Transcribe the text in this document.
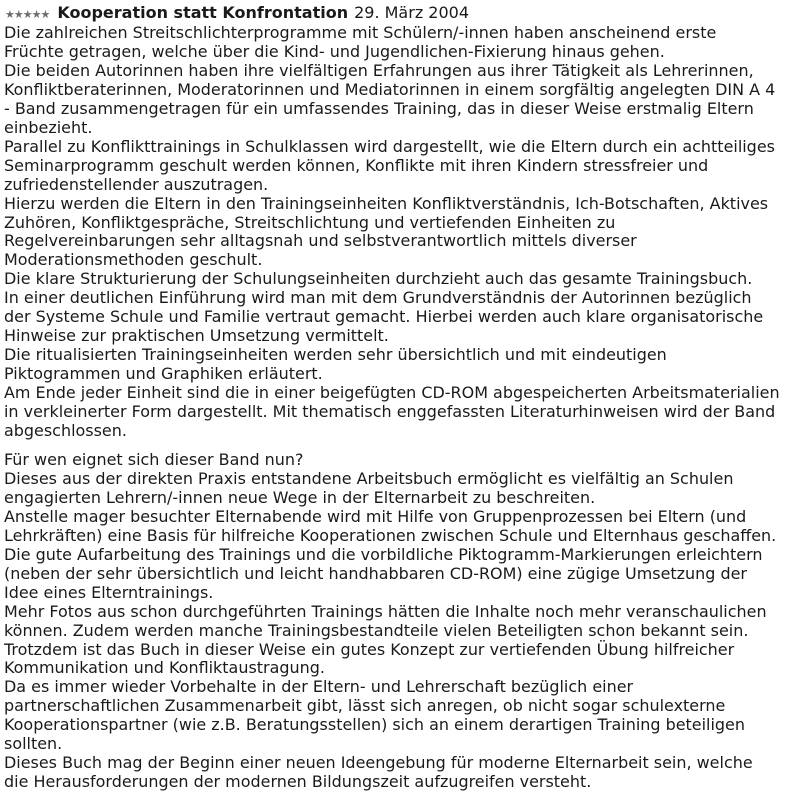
★ ★ ★ ★ ★ Kooperation statt Konfrontation 29. März 2004
Die zahlreichen Streitschlichterprogramme mit Schülern/-innen haben anscheinend erste
Früchte getragen, welche über die Kind- und Jugendlichen-Fixierung hinaus gehen.
Die beiden Autorinnen haben ihre vielfältigen Erfahrungen aus ihrer Tätigkeit als Lehrerinnen,
Konfliktberaterinnen, Moderatorinnen und Mediatorinnen in einem sorgfältig angelegten DIN A 4
- Band zusammengetragen für ein umfassendes Training, das in dieser Weise erstmalig Eltern
einbezieht.
Parallel zu Konflikttrainings in Schulklassen wird dargestellt, wie die Eltern durch ein achtteiliges
Seminarprogramm geschult werden können, Konflikte mit ihren Kindern stressfreier und
zufriedenstellender auszutragen.
Hierzu werden die Eltern in den Trainingseinheiten Konfliktverständnis, Ich-Botschaften, Aktives
Zuhören, Konfliktgespräche, Streitschlichtung und vertiefenden Einheiten zu
Regelvereinbarungen sehr alltagsnah und selbstverantwortlich mittels diverser
Moderationsmethoden geschult.
Die klare Strukturierung der Schulungseinheiten durchzieht auch das gesamte Trainingsbuch.
In einer deutlichen Einführung wird man mit dem Grundverständnis der Autorinnen bezüglich
der Systeme Schule und Familie vertraut gemacht. Hierbei werden auch klare organisatorische
Hinweise zur praktischen Umsetzung vermittelt.
Die ritualisierten Trainingseinheiten werden sehr übersichtlich und mit eindeutigen
Piktogrammen und Graphiken erläutert.
Am Ende jeder Einheit sind die in einer beigefügten CD-ROM abgespeicherten Arbeitsmaterialien
in verkleinerter Form dargestellt. Mit thematisch enggefassten Literaturhinweisen wird der Band
abgeschlossen.
Für wen eignet sich dieser Band nun?
Dieses aus der direkten Praxis entstandene Arbeitsbuch ermöglicht es vielfältig an Schulen
engagierten Lehrern/-innen neue Wege in der Elternarbeit zu beschreiten.
Anstelle mager besuchter Elternabende wird mit Hilfe von Gruppenprozessen bei Eltern (und
Lehrkräften) eine Basis für hilfreiche Kooperationen zwischen Schule und Elternhaus geschaffen.
Die gute Aufarbeitung des Trainings und die vorbildliche Piktogramm-Markierungen erleichtern
(neben der sehr übersichtlich und leicht handhabbaren CD-ROM) eine zügige Umsetzung der
Idee eines Elterntrainings.
Mehr Fotos aus schon durchgeführten Trainings hätten die Inhalte noch mehr veranschaulichen
können. Zudem werden manche Trainingsbestandteile vielen Beteiligten schon bekannt sein.
Trotzdem ist das Buch in dieser Weise ein gutes Konzept zur vertiefenden Übung hilfreicher
Kommunikation und Konfliktaustragung.
Da es immer wieder Vorbehalte in der Eltern- und Lehrerschaft bezüglich einer
partnerschaftlichen Zusammenarbeit gibt, lässt sich anregen, ob nicht sogar schulexterne
Kooperationspartner (wie z.B. Beratungsstellen) sich an einem derartigen Training beteiligen
sollten.
Dieses Buch mag der Beginn einer neuen Ideengebung für moderne Elternarbeit sein, welche
die Herausforderungen der modernen Bildungszeit aufzugreifen versteht.
